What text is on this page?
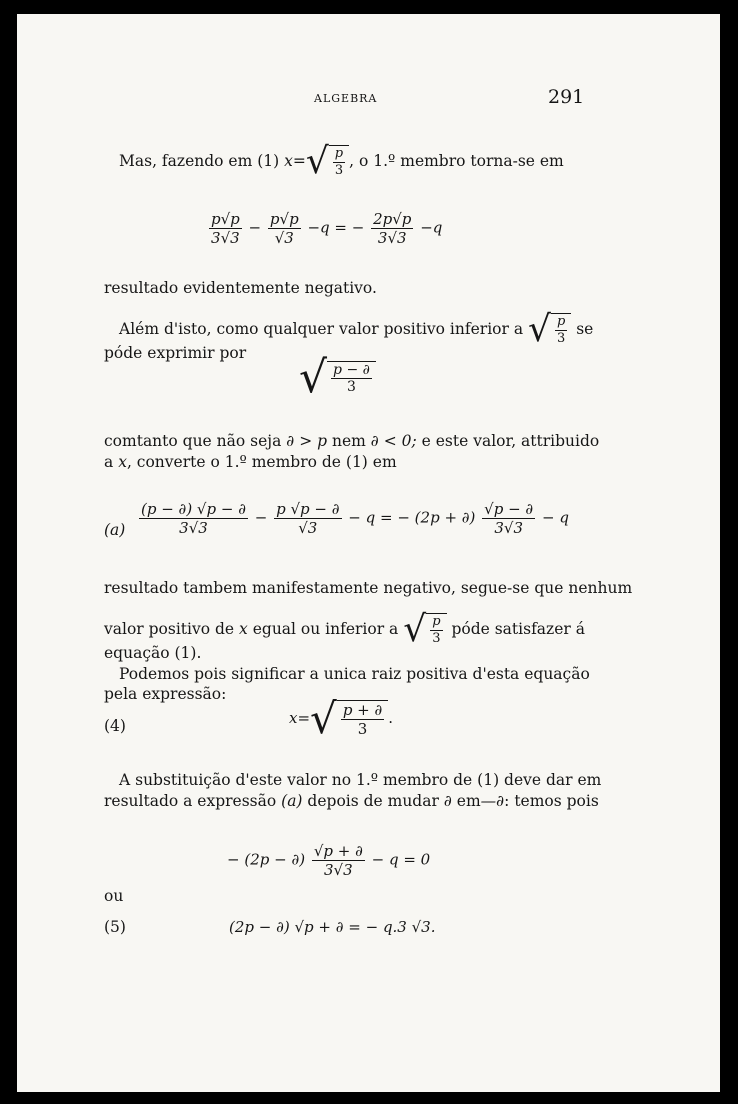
ALGEBRA	291
Mas, fazendo em (1) $x=√ \frac{p}{3}$ , o 1.º membro torna-se em
$\frac{p√p}{3√3} - \frac{p√p}{√3} -q$ = − $\frac{2p√p}{3√3} -q$
resultado evidentemente negativo.
Além d'isto, como qualquer valor positivo inferior a √ $\frac{p}{3}$ se
póde exprimir por √ $\frac{p - \partial}{3}$
comtanto que não seja ∂ > p nem ∂ < 0; e este valor, attribuido
a x, converte o 1.º membro de (1) em
$(a) \frac{(p - \partial) √p - \partial}{3√3} - \frac{p √p - \partial}{√3} - q$ = − (2p + ∂) $\frac{√p - \partial}{3√3} - q$
resultado tambem manifestamente negativo, segue-se que nenhum
valor positivo de x egual ou inferior a √ $\frac{p}{3}$ póde satisfazer á
equação (1).
Podemos pois significar a unica raiz positiva d'esta equação
pela expressão:
(4)	$x=√ \frac{p + \partial}{3}$ .
A substituição d'este valor no 1.º membro de (1) deve dar em
resultado a expressão (a) depois de mudar ∂ em—∂: temos pois
− (2p − ∂) $\frac{√p + \partial}{3√3} - q = 0$
ou
(5)	(2p − ∂) √p + ∂ = − q.3 √3.
